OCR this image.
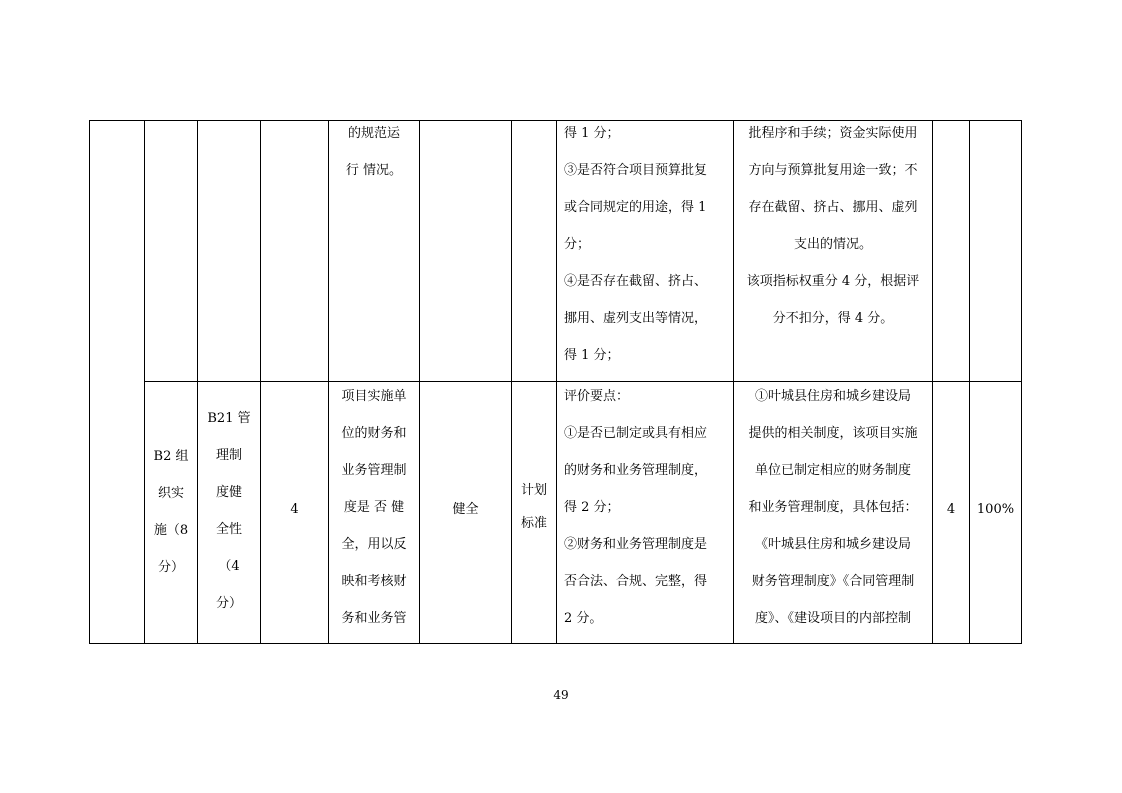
的规范运
行 情况。
得 1 分；
③是否符合项目预算批复
或合同规定的用途，得 1
分；
④是否存在截留、挤占、
挪用、虚列支出等情况，
得 1 分；
批程序和手续；资金实际使用
方向与预算批复用途一致；不
存在截留、挤占、挪用、虚列
支出的情况。
该项指标权重分 4 分，根据评
分不扣分，得 4 分。
B2 组
织实
施（8
分）
B21 管
理制
度健
全性
（4
分）
4
项目实施单
位的财务和
业务管理制
度是 否 健
全，用以反
映和考核财
务和业务管
健全
计划
标准
评价要点：
①是否已制定或具有相应
的财务和业务管理制度，
得 2 分；
②财务和业务管理制度是
否合法、合规、完整，得
2 分。
①叶城县住房和城乡建设局
提供的相关制度，该项目实施
单位已制定相应的财务制度
和业务管理制度，具体包括：
《叶城县住房和城乡建设局
财务管理制度》《合同管理制
度》、《建设项目的内部控制
4	100%
49
